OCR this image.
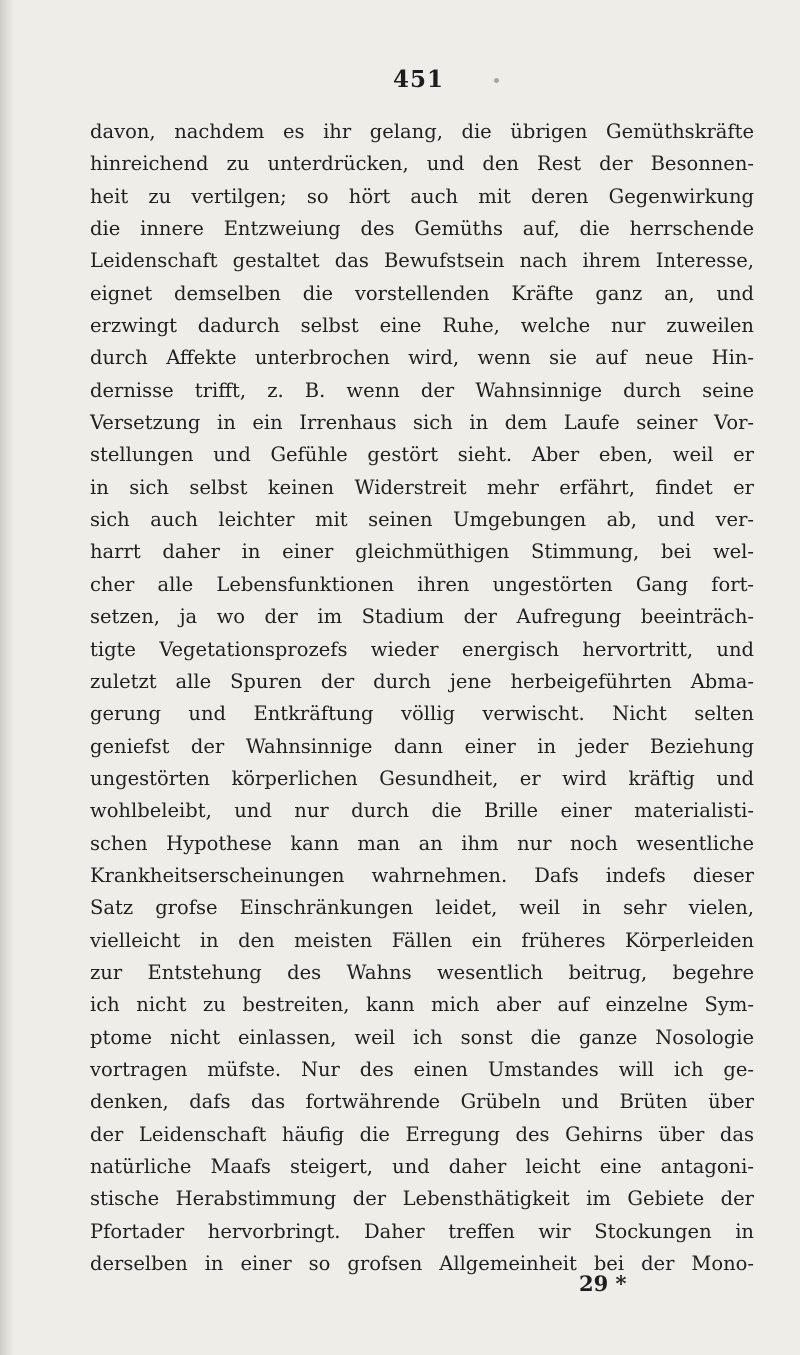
451
davon, nachdem es ihr gelang, die übrigen Gemüthskräfte
hinreichend zu unterdrücken, und den Rest der Besonnen-
heit zu vertilgen; so hört auch mit deren Gegenwirkung
die innere Entzweiung des Gemüths auf, die herrschende
Leidenschaft gestaltet das Bewufstsein nach ihrem Interesse,
eignet demselben die vorstellenden Kräfte ganz an, und
erzwingt dadurch selbst eine Ruhe, welche nur zuweilen
durch Affekte unterbrochen wird, wenn sie auf neue Hin-
dernisse trifft, z. B. wenn der Wahnsinnige durch seine
Versetzung in ein Irrenhaus sich in dem Laufe seiner Vor-
stellungen und Gefühle gestört sieht. Aber eben, weil er
in sich selbst keinen Widerstreit mehr erfährt, findet er
sich auch leichter mit seinen Umgebungen ab, und ver-
harrt daher in einer gleichmüthigen Stimmung, bei wel-
cher alle Lebensfunktionen ihren ungestörten Gang fort-
setzen, ja wo der im Stadium der Aufregung beeinträch-
tigte Vegetationsprozefs wieder energisch hervortritt, und
zuletzt alle Spuren der durch jene herbeigeführten Abma-
gerung und Entkräftung völlig verwischt. Nicht selten
geniefst der Wahnsinnige dann einer in jeder Beziehung
ungestörten körperlichen Gesundheit, er wird kräftig und
wohlbeleibt, und nur durch die Brille einer materialisti-
schen Hypothese kann man an ihm nur noch wesentliche
Krankheitserscheinungen wahrnehmen. Dafs indefs dieser
Satz grofse Einschränkungen leidet, weil in sehr vielen,
vielleicht in den meisten Fällen ein früheres Körperleiden
zur Entstehung des Wahns wesentlich beitrug, begehre
ich nicht zu bestreiten, kann mich aber auf einzelne Sym-
ptome nicht einlassen, weil ich sonst die ganze Nosologie
vortragen müfste. Nur des einen Umstandes will ich ge-
denken, dafs das fortwährende Grübeln und Brüten über
der Leidenschaft häufig die Erregung des Gehirns über das
natürliche Maafs steigert, und daher leicht eine antagoni-
stische Herabstimmung der Lebensthätigkeit im Gebiete der
Pfortader hervorbringt. Daher treffen wir Stockungen in
derselben in einer so grofsen Allgemeinheit bei der Mono-
29 *
